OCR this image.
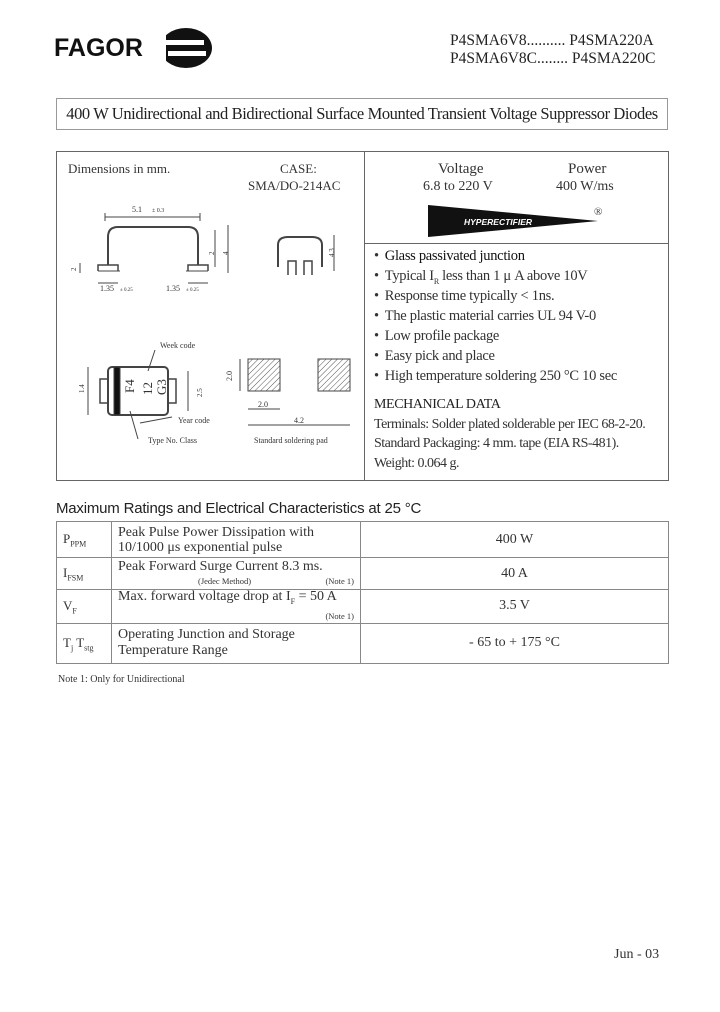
FAGOR	P4SMA6V8.......... P4SMA220A
P4SMA6V8C........ P4SMA220C
400 W Unidirectional and Bidirectional Surface Mounted Transient Voltage Suppressor Diodes
Dimensions in mm.	CASE:
SMA/DO-214AC
5.1 ± 0.3
1.35 ± 0.25	1.35 ± 0.25
2
2 4	4.3
F4 12 G3
1.4	2.5
Week code
Year code
Type No. Class
2.0
2.0
4.2
Standard soldering pad
Voltage
6.8 to 220 V
Power
400 W/ms
HYPERECTIFIER
®
• Glass passivated junction
• Typical $I_R$ less than 1 μ A above 10V
• Response time typically < 1ns.
• The plastic material carries UL 94 V-0
• Low profile package
• Easy pick and place
• High temperature soldering 250 °C 10 sec
MECHANICAL DATA
Terminals: Solder plated solderable per IEC 68-2-20.
Standard Packaging: 4 mm. tape (EIA RS-481).
Weight: 0.064 g.
Maximum Ratings and Electrical Characteristics at 25 °C
$P_{PPM}$	Peak Pulse Power Dissipation with
10/1000 μs exponential pulse	400 W
$I_{FSM}$	Peak Forward Surge Current 8.3 ms.
(Jedec Method) (Note 1)	40 A
$V_F$	Max. forward voltage drop at $I_F = 50$ A
(Note 1)	3.5 V
$T_j$ $T_{stg}$	Operating Junction and Storage
Temperature Range	- 65 to + 175 °C
Note 1: Only for Unidirectional
Jun - 03
